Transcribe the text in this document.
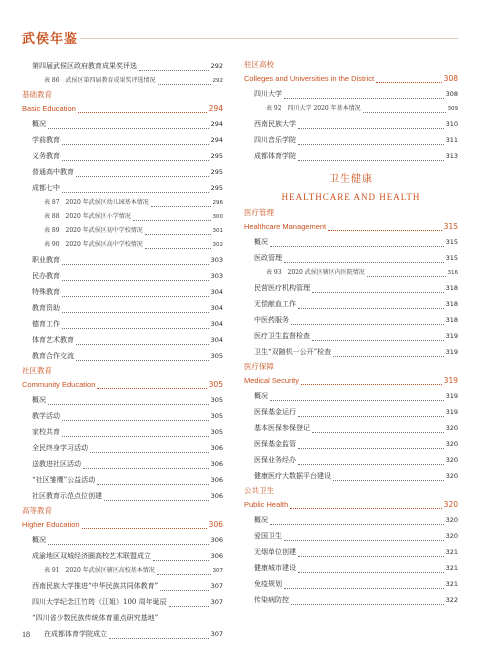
武侯年鉴
第四届武侯区政府教育成果奖评选	292
表 86　武侯区第四届教育成果奖评选情况	292
基础教育
Basic Education	294
概况	294
学前教育	294
义务教育	295
普通高中教育	295
成都七中	295
表 87　2020 年武侯区幼儿园基本情况	296
表 88　2020 年武侯区小学情况	300
表 89　2020 年武侯区初中学校情况	301
表 90　2020 年武侯区高中学校情况	302
职业教育	303
民办教育	303
特殊教育	304
教育资助	304
德育工作	304
体育艺术教育	304
教育合作交流	305
社区教育
Community Education	305
概况	305
教学活动	305
家校共育	305
全民终身学习活动	306
送教进社区活动	306
“社区雏鹰”公益活动	306
社区教育示范点位创建	306
高等教育
Higher Education	306
概况	306
成渝地区双城经济圈高校艺术联盟成立	306
表 91　2020 年武侯区辖区高校基本情况	307
西南民族大学推进“中华民族共同体教育”	307
四川大学纪念江竹筠（江姐）100 周年诞辰	307
“四川省少数民族传统体育重点研究基地”
在成都体育学院成立	307
驻区高校
Colleges and Universities in the District	308
四川大学	308
表 92　四川大学 2020 年基本情况	309
西南民族大学	310
四川音乐学院	311
成都体育学院	313
卫生健康
HEALTHCARE AND HEALTH
医疗管理
Healthcare Management	315
概况	315
医政管理	315
表 93　2020 武侯区辖区内医院情况	316
民营医疗机构管理	318
无偿献血工作	318
中医药服务	318
医疗卫生监督检查	319
卫生“双随机一公开”检查	319
医疗保障
Medical Security	319
概况	319
医保基金运行	319
基本医保参保登记	320
医保基金监管	320
医保业务经办	320
健康医疗大数据平台建设	320
公共卫生
Public Health	320
概况	320
爱国卫生	320
无烟单位创建	321
健康城市建设	321
免疫规划	321
传染病防控	322
18
